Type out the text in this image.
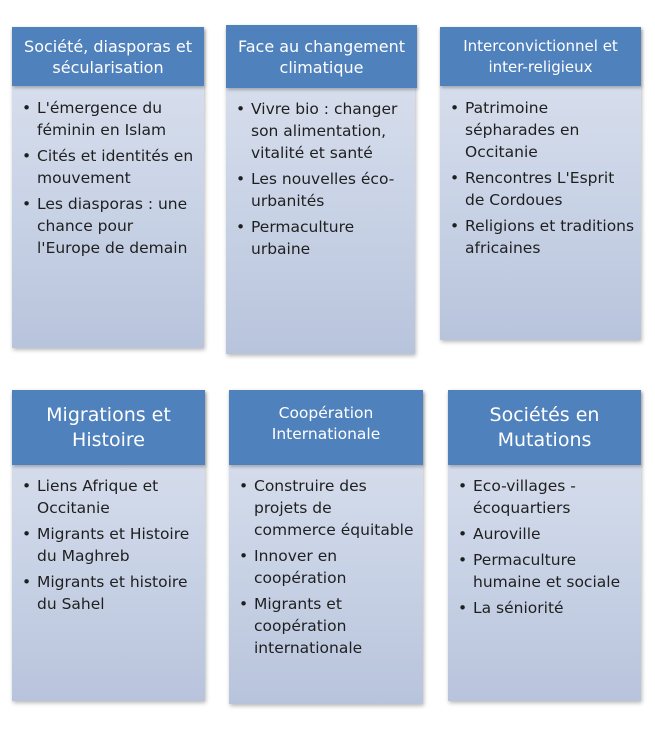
Société, diasporas et sécularisation
• L'émergence du féminin en Islam
• Cités et identités en mouvement
• Les diasporas : une chance pour l'Europe de demain
Face au changement climatique
• Vivre bio : changer son alimentation, vitalité et santé
• Les nouvelles éco-urbanités
• Permaculture urbaine
Interconvictionnel et inter-religieux
• Patrimoine sépharades en Occitanie
• Rencontres L'Esprit de Cordoues
• Religions et traditions africaines
Migrations et Histoire
• Liens Afrique et Occitanie
• Migrants et Histoire du Maghreb
• Migrants et histoire du Sahel
Coopération Internationale
• Construire des projets de commerce équitable
• Innover en coopération
• Migrants et coopération internationale
Sociétés en Mutations
• Eco-villages - écoquartiers
• Auroville
• Permaculture humaine et sociale
• La séniorité
